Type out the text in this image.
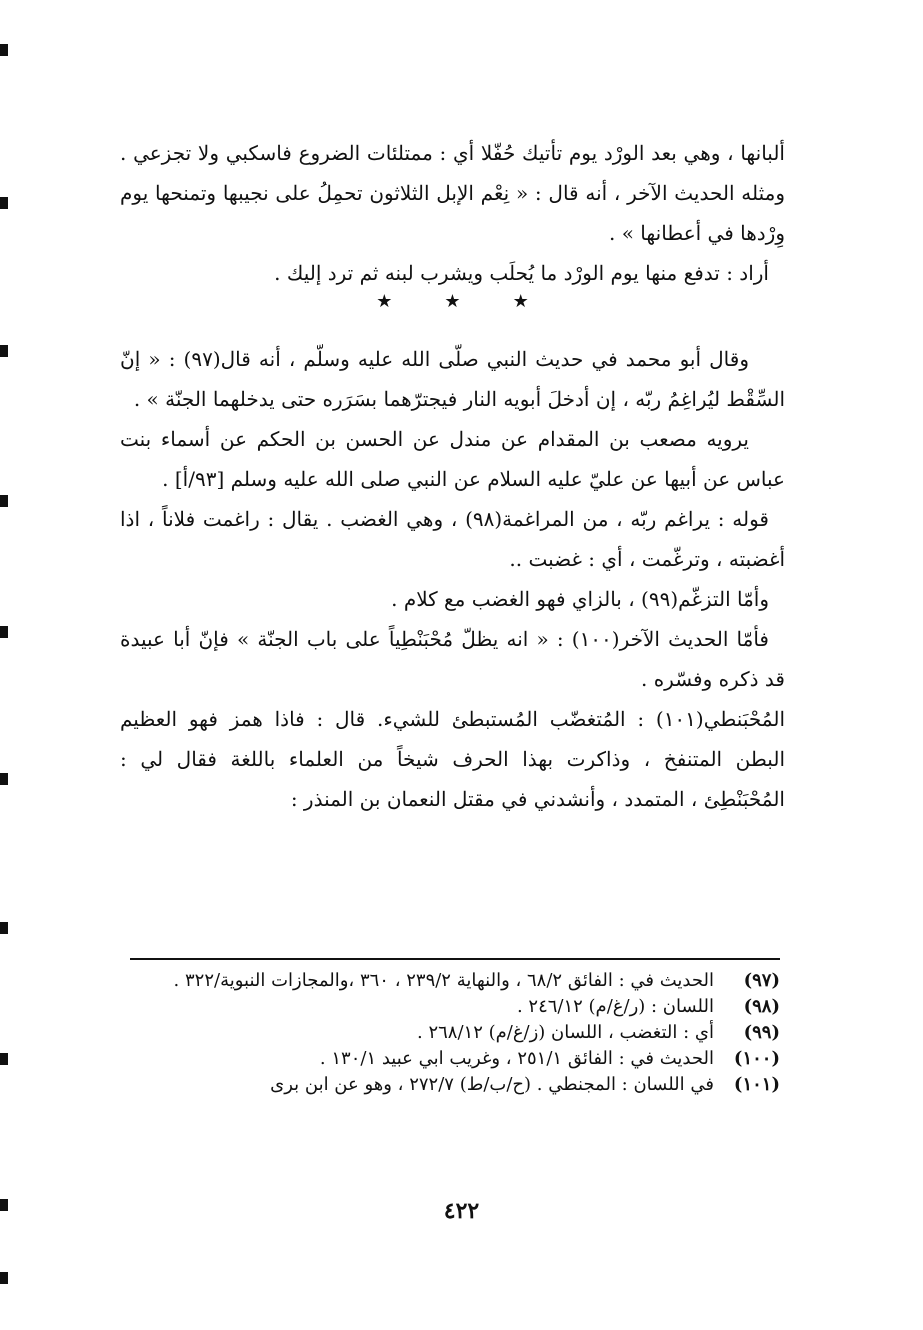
ألبانها ، وهي بعد الورْد يوم تأتيك حُفّلا أي : ممتلئات الضروع فاسكبي ولا تجزعي . ومثله الحديث الآخر ، أنه قال : « نِعْم الإبل الثلاثون تحمِلُ على نجيبها وتمنحها يوم وِرْدها في أعطانها » .

أراد : تدفع منها يوم الورْد ما يُحلَب ويشرب لبنه ثم ترد إليك .

★	★	★

وقال أبو محمد في حديث النبي صلّى الله عليه وسلّم ، أنه قال(٩٧) : « إنّ السِّقْط ليُراغِمُ ربّه ، إن أدخلَ أبويه النار فيجترّهما بسَرَره حتى يدخلهما الجنّة » .

يرويه مصعب بن المقدام عن مندل عن الحسن بن الحكم عن أسماء بنت عباس عن أبيها عن عليّ عليه السلام عن النبي صلى الله عليه وسلم [٩٣/أ] .

قوله : يراغم ربّه ، من المراغمة(٩٨) ، وهي الغضب . يقال : راغمت فلاناً ، اذا أغضبته ، وترغّمت ، أي : غضبت ..

وأمّا التزغّم(٩٩) ، بالزاي فهو الغضب مع كلام .

فأمّا الحديث الآخر(١٠٠) : « انه يظلّ مُحْبَنْطِياً على باب الجنّة » فإنّ أبا عبيدة قد ذكره وفسّره .

المُحْبَنطي(١٠١) : المُتغضّب المُستبطئ للشيء. قال : فاذا همز فهو العظيم البطن المتنفخ ، وذاكرت بهذا الحرف شيخاً من العلماء باللغة فقال لي : المُحْبَنْطِئ ، المتمدد ، وأنشدني في مقتل النعمان بن المنذر :

(٩٧)
الحديث في : الفائق ٦٨/٢ ، والنهاية ٢٣٩/٢ ، ٣٦٠ ،والمجازات النبوية/٣٢٢ .
(٩٨)
اللسان : (ر/غ/م) ٢٤٦/١٢ .
(٩٩)
أي : التغضب ، اللسان (ز/غ/م) ٢٦٨/١٢ .
(١٠٠)
الحديث في : الفائق ٢٥١/١ ، وغريب ابي عبيد ١٣٠/١ .
(١٠١)
في اللسان : المجنطي . (ح/ب/ط) ٢٧٢/٧ ، وهو عن ابن برى
٤٢٢
